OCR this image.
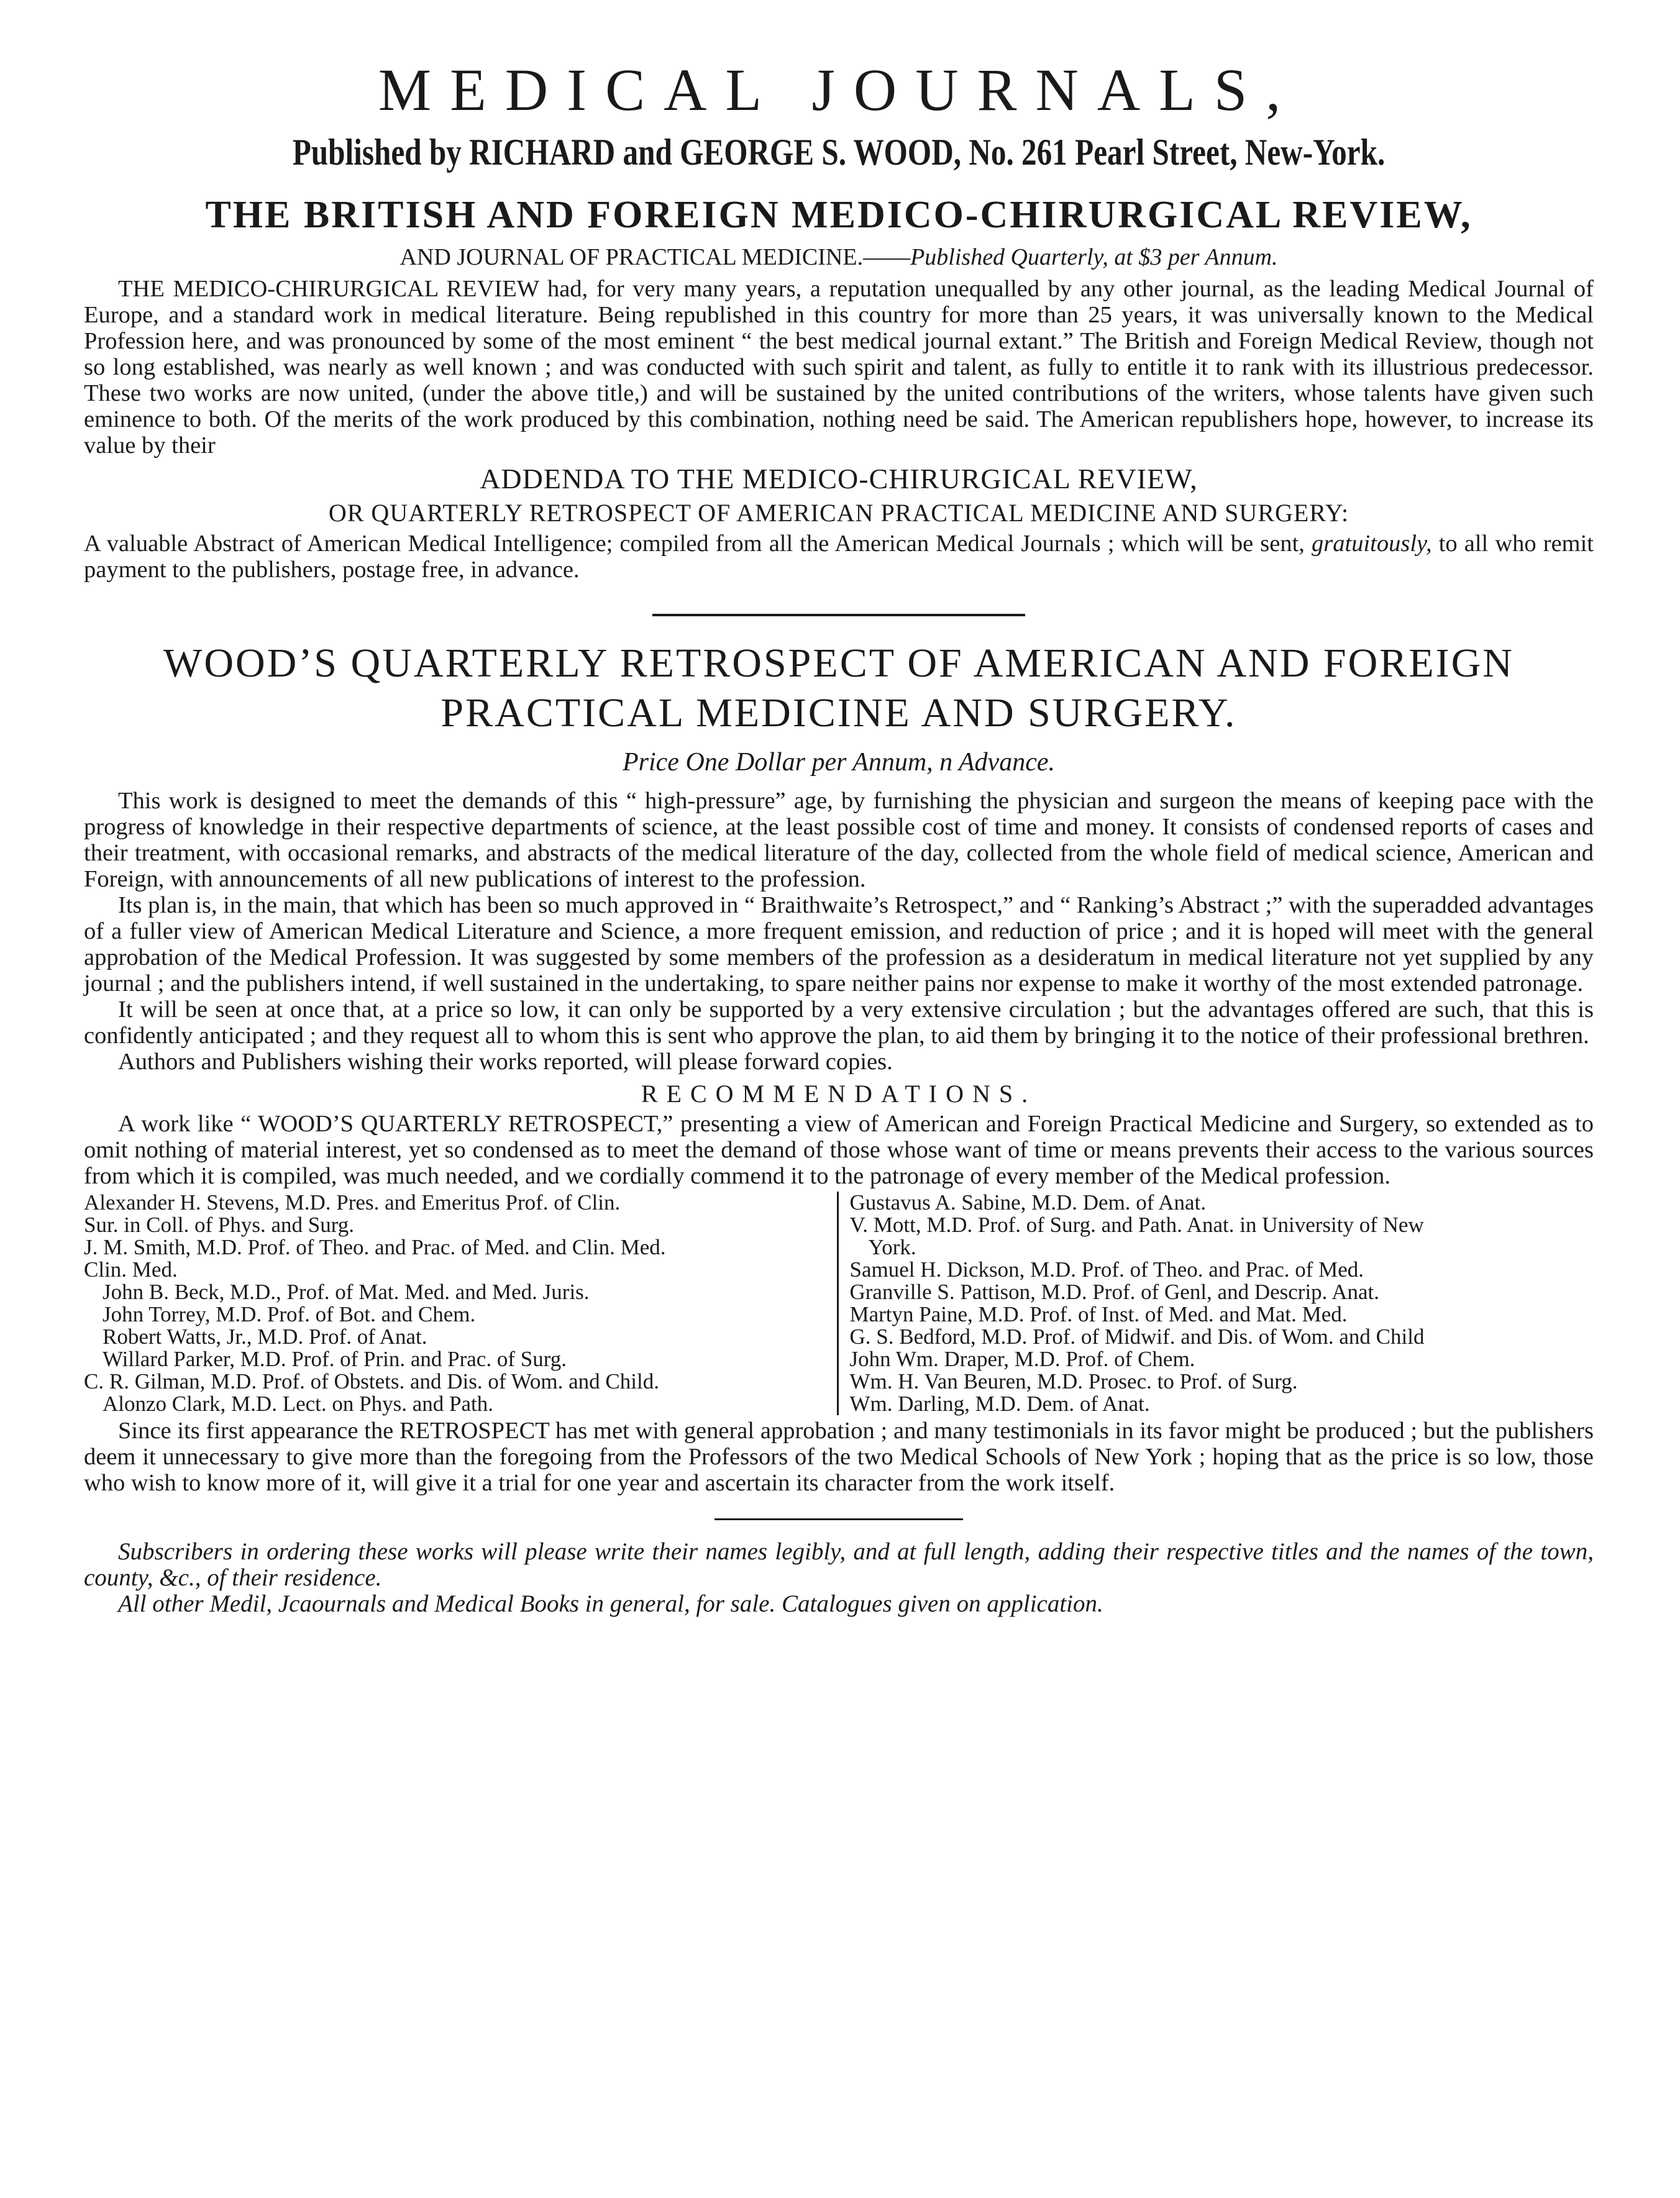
MEDICAL JOURNALS,
Published by RICHARD and GEORGE S. WOOD, No. 261 Pearl Street, New-York.
THE BRITISH AND FOREIGN MEDICO-CHIRURGICAL REVIEW,
AND JOURNAL OF PRACTICAL MEDICINE.——Published Quarterly, at $3 per Annum.

THE MEDICO-CHIRURGICAL REVIEW had, for very many years, a reputation unequalled by any other journal, as the leading Medical Journal of Europe, and a standard work in medical literature. Being republished in this country for more than 25 years, it was universally known to the Medical Profession here, and was pronounced by some of the most eminent “ the best medical journal extant.” The British and Foreign Medical Review, though not so long established, was nearly as well known ; and was conducted with such spirit and talent, as fully to entitle it to rank with its illustrious predecessor. These two works are now united, (under the above title,) and will be sustained by the united contributions of the writers, whose talents have given such eminence to both. Of the merits of the work produced by this combination, nothing need be said. The American republishers hope, however, to increase its value by their

ADDENDA TO THE MEDICO-CHIRURGICAL REVIEW,
OR QUARTERLY RETROSPECT OF AMERICAN PRACTICAL MEDICINE AND SURGERY:

A valuable Abstract of American Medical Intelligence; compiled from all the American Medical Journals ; which will be sent, gratuitously, to all who remit payment to the publishers, postage free, in advance.

WOOD’S QUARTERLY RETROSPECT OF AMERICAN AND FOREIGN
PRACTICAL MEDICINE AND SURGERY.
Price One Dollar per Annum, n Advance.

This work is designed to meet the demands of this “ high-pressure” age, by furnishing the physician and surgeon the means of keeping pace with the progress of knowledge in their respective departments of science, at the least possible cost of time and money. It consists of condensed reports of cases and their treatment, with occasional remarks, and abstracts of the medical literature of the day, collected from the whole field of medical science, American and Foreign, with announcements of all new publications of interest to the profession.

Its plan is, in the main, that which has been so much approved in “ Braithwaite’s Retrospect,” and “ Ranking’s Abstract ;” with the superadded advantages of a fuller view of American Medical Literature and Science, a more frequent emission, and reduction of price ; and it is hoped will meet with the general approbation of the Medical Profession. It was suggested by some members of the profession as a desideratum in medical literature not yet supplied by any journal ; and the publishers intend, if well sustained in the undertaking, to spare neither pains nor expense to make it worthy of the most extended patronage.

It will be seen at once that, at a price so low, it can only be supported by a very extensive circulation ; but the advantages offered are such, that this is confidently anticipated ; and they request all to whom this is sent who approve the plan, to aid them by bringing it to the notice of their professional brethren.

Authors and Publishers wishing their works reported, will please forward copies.

RECOMMENDATIONS.

A work like “ WOOD’S QUARTERLY RETROSPECT,” presenting a view of American and Foreign Practical Medicine and Surgery, so extended as to omit nothing of material interest, yet so condensed as to meet the demand of those whose want of time or means prevents their access to the various sources from which it is compiled, was much needed, and we cordially commend it to the patronage of every member of the Medical profession.

Alexander H. Stevens, M.D. Pres. and Emeritus Prof. of Clin.
Sur. in Coll. of Phys. and Surg.
J. M. Smith, M.D. Prof. of Theo. and Prac. of Med. and Clin. Med.
Clin. Med.
John B. Beck, M.D., Prof. of Mat. Med. and Med. Juris.
John Torrey, M.D. Prof. of Bot. and Chem.
Robert Watts, Jr., M.D. Prof. of Anat.
Willard Parker, M.D. Prof. of Prin. and Prac. of Surg.
C. R. Gilman, M.D. Prof. of Obstets. and Dis. of Wom. and Child.
Alonzo Clark, M.D. Lect. on Phys. and Path.
Gustavus A. Sabine, M.D. Dem. of Anat.
V. Mott, M.D. Prof. of Surg. and Path. Anat. in University of New
York.
Samuel H. Dickson, M.D. Prof. of Theo. and Prac. of Med.
Granville S. Pattison, M.D. Prof. of Genl, and Descrip. Anat.
Martyn Paine, M.D. Prof. of Inst. of Med. and Mat. Med.
G. S. Bedford, M.D. Prof. of Midwif. and Dis. of Wom. and Child
John Wm. Draper, M.D. Prof. of Chem.
Wm. H. Van Beuren, M.D. Prosec. to Prof. of Surg.
Wm. Darling, M.D. Dem. of Anat.

Since its first appearance the RETROSPECT has met with general approbation ; and many testimonials in its favor might be produced ; but the publishers deem it unnecessary to give more than the foregoing from the Professors of the two Medical Schools of New York ; hoping that as the price is so low, those who wish to know more of it, will give it a trial for one year and ascertain its character from the work itself.

Subscribers in ordering these works will please write their names legibly, and at full length, adding their respective titles and the names of the town, county, &c., of their residence.

All other Medil, Jcaournals and Medical Books in general, for sale. Catalogues given on application.
